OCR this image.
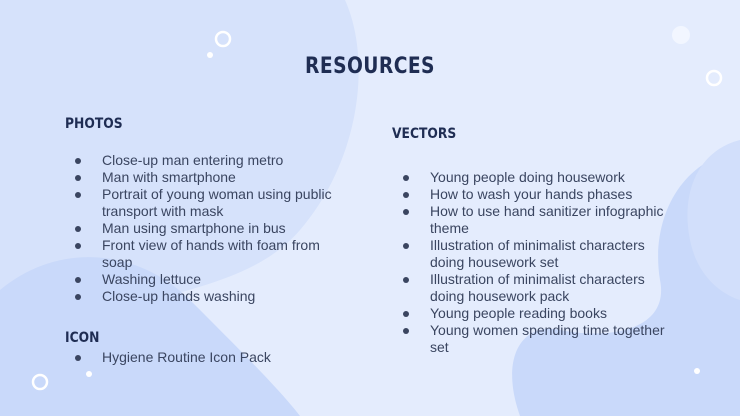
RESOURCES
PHOTOS
Close-up man entering metro
Man with smartphone
Portrait of young woman using public transport with mask
Man using smartphone in bus
Front view of hands with foam from soap
Washing lettuce
Close-up hands washing
ICON
Hygiene Routine Icon Pack
VECTORS
Young people doing housework
How to wash your hands phases
How to use hand sanitizer infographic theme
Illustration of minimalist characters doing housework set
Illustration of minimalist characters doing housework pack
Young people reading books
Young women spending time together set
